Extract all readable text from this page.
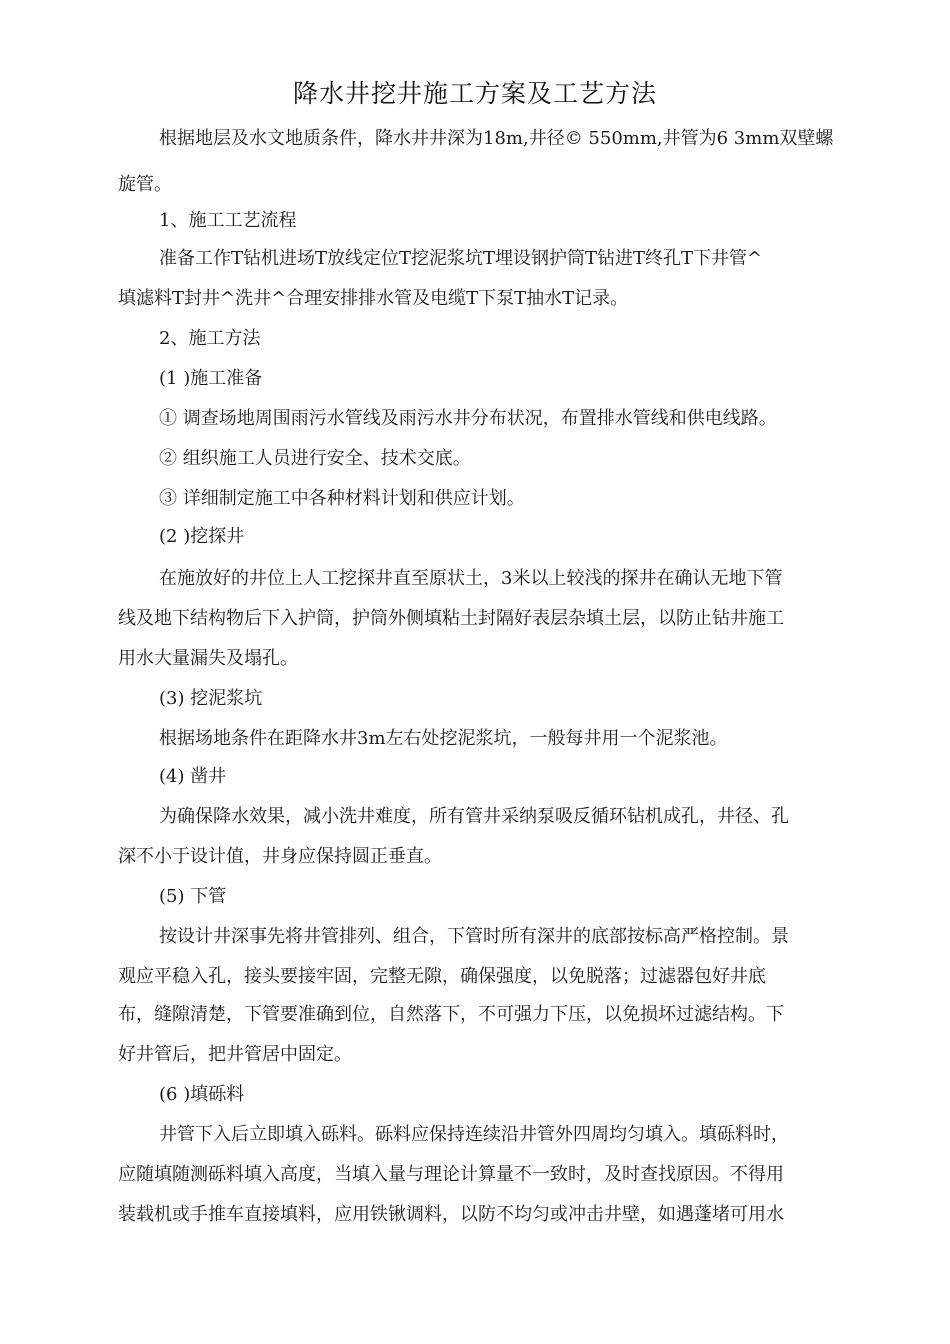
降水井挖井施工方案及工艺方法
根据地层及水文地质条件，降水井井深为18m,井径© 550mm,井管为6 3mm双壁螺
旋管。
1、施工工艺流程
准备工作T钻机进场T放线定位T挖泥浆坑T埋设钢护筒T钻进T终孔T下井管^
填滤料T封井^洗井^合理安排排水管及电缆T下泵T抽水T记录。
2、施工方法
(1 )施工准备
① 调查场地周围雨污水管线及雨污水井分布状况，布置排水管线和供电线路。
② 组织施工人员进行安全、技术交底。
③ 详细制定施工中各种材料计划和供应计划。
(2 )挖探井
在施放好的井位上人工挖探井直至原状土，3米以上较浅的探井在确认无地下管
线及地下结构物后下入护筒，护筒外侧填粘土封隔好表层杂填土层，以防止钻井施工
用水大量漏失及塌孔。
(3) 挖泥浆坑
根据场地条件在距降水井3m左右处挖泥浆坑，一般每井用一个泥浆池。
(4) 凿井
为确保降水效果，减小洗井难度，所有管井采纳泵吸反循环钻机成孔，井径、孔
深不小于设计值，井身应保持圆正垂直。
(5) 下管
按设计井深事先将井管排列、组合，下管时所有深井的底部按标高严格控制。景
观应平稳入孔，接头要接牢固，完整无隙，确保强度，以免脱落；过滤器包好井底
布，缝隙清楚，下管要准确到位，自然落下，不可强力下压，以免损坏过滤结构。下
好井管后，把井管居中固定。
(6 )填砾料
井管下入后立即填入砾料。砾料应保持连续沿井管外四周均匀填入。填砾料时，
应随填随测砾料填入高度，当填入量与理论计算量不一致时，及时查找原因。不得用
装载机或手推车直接填料，应用铁锹调料，以防不均匀或冲击井壁，如遇蓬堵可用水
